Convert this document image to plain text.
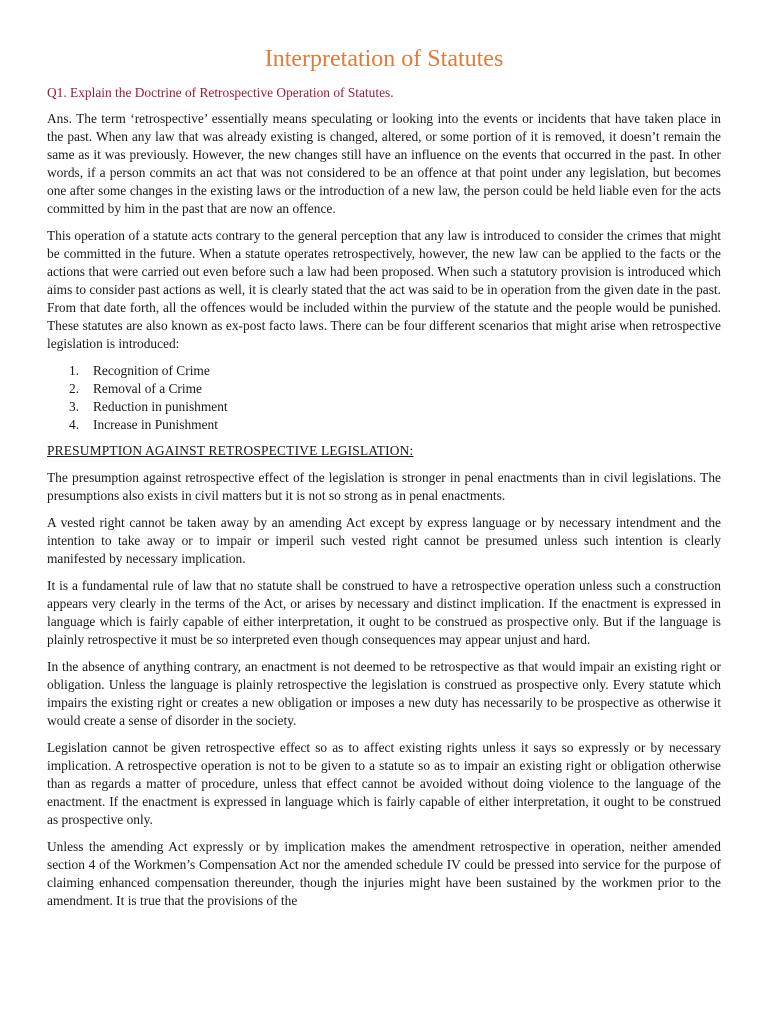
Interpretation of Statutes

Q1. Explain the Doctrine of Retrospective Operation of Statutes.

Ans. The term ‘retrospective’ essentially means speculating or looking into the events or incidents that have taken place in the past. When any law that was already existing is changed, altered, or some portion of it is removed, it doesn’t remain the same as it was previously. However, the new changes still have an influence on the events that occurred in the past. In other words, if a person commits an act that was not considered to be an offence at that point under any legislation, but becomes one after some changes in the existing laws or the introduction of a new law, the person could be held liable even for the acts committed by him in the past that are now an offence.

This operation of a statute acts contrary to the general perception that any law is introduced to consider the crimes that might be committed in the future. When a statute operates retrospectively, however, the new law can be applied to the facts or the actions that were carried out even before such a law had been proposed. When such a statutory provision is introduced which aims to consider past actions as well, it is clearly stated that the act was said to be in operation from the given date in the past. From that date forth, all the offences would be included within the purview of the statute and the people would be punished. These statutes are also known as ex-post facto laws. There can be four different scenarios that might arise when retrospective legislation is introduced:

1.	Recognition of Crime
2.	Removal of a Crime
3.	Reduction in punishment
4.	Increase in Punishment

PRESUMPTION AGAINST RETROSPECTIVE LEGISLATION:

The presumption against retrospective effect of the legislation is stronger in penal enactments than in civil legislations. The presumptions also exists in civil matters but it is not so strong as in penal enactments.

A vested right cannot be taken away by an amending Act except by express language or by necessary intendment and the intention to take away or to impair or imperil such vested right cannot be presumed unless such intention is clearly manifested by necessary implication.

It is a fundamental rule of law that no statute shall be construed to have a retrospective operation unless such a construction appears very clearly in the terms of the Act, or arises by necessary and distinct implication. If the enactment is expressed in language which is fairly capable of either interpretation, it ought to be construed as prospective only. But if the language is plainly retrospective it must be so interpreted even though consequences may appear unjust and hard.

In the absence of anything contrary, an enactment is not deemed to be retrospective as that would impair an existing right or obligation. Unless the language is plainly retrospective the legislation is construed as prospective only. Every statute which impairs the existing right or creates a new obligation or imposes a new duty has necessarily to be prospective as otherwise it would create a sense of disorder in the society.

Legislation cannot be given retrospective effect so as to affect existing rights unless it says so expressly or by necessary implication. A retrospective operation is not to be given to a statute so as to impair an existing right or obligation otherwise than as regards a matter of procedure, unless that effect cannot be avoided without doing violence to the language of the enactment. If the enactment is expressed in language which is fairly capable of either interpretation, it ought to be construed as prospective only.

Unless the amending Act expressly or by implication makes the amendment retrospective in operation, neither amended section 4 of the Workmen’s Compensation Act nor the amended schedule IV could be pressed into service for the purpose of claiming enhanced compensation thereunder, though the injuries might have been sustained by the workmen prior to the amendment. It is true that the provisions of the
